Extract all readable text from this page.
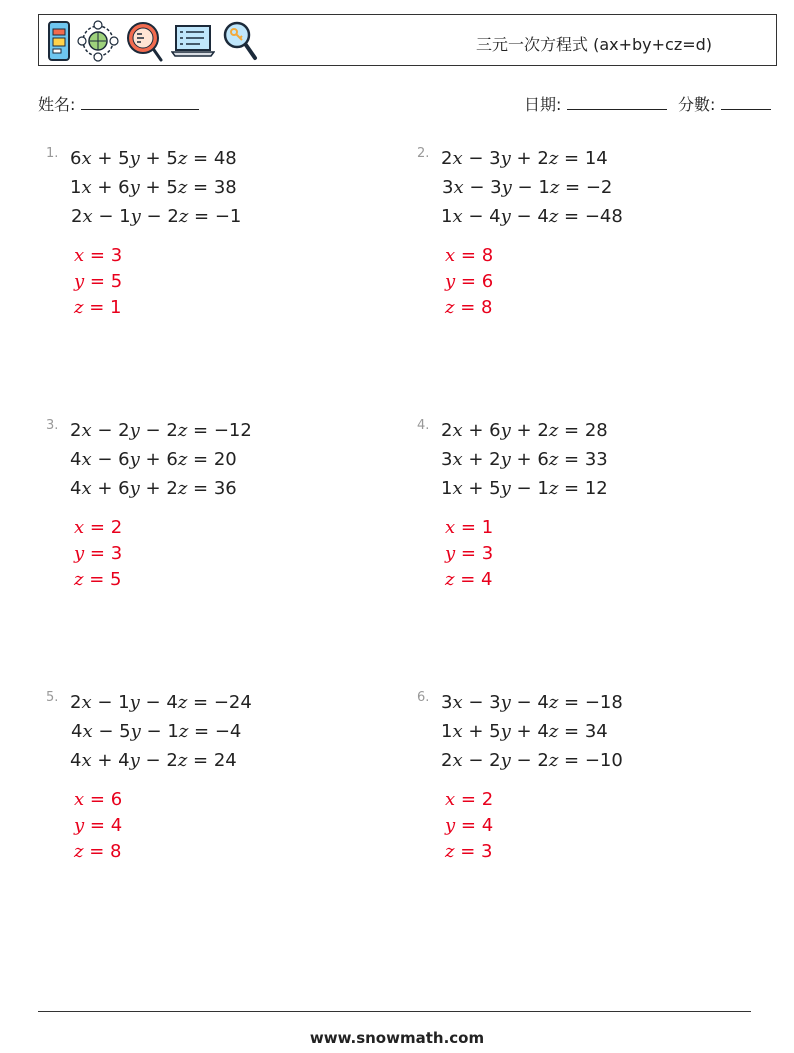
三元一次方程式 (ax+by+cz=d)
姓名:	日期:	分數:
1. 6x + 5y + 5z = 48
1x + 6y + 5z = 38
2x − 1y − 2z = −1
x = 3
y = 5
z = 1
2. 2x − 3y + 2z = 14
3x − 3y − 1z = −2
1x − 4y − 4z = −48
x = 8
y = 6
z = 8
3. 2x − 2y − 2z = −12
4x − 6y + 6z = 20
4x + 6y + 2z = 36
x = 2
y = 3
z = 5
4. 2x + 6y + 2z = 28
3x + 2y + 6z = 33
1x + 5y − 1z = 12
x = 1
y = 3
z = 4
5. 2x − 1y − 4z = −24
4x − 5y − 1z = −4
4x + 4y − 2z = 24
x = 6
y = 4
z = 8
6. 3x − 3y − 4z = −18
1x + 5y + 4z = 34
2x − 2y − 2z = −10
x = 2
y = 4
z = 3
www.snowmath.com
